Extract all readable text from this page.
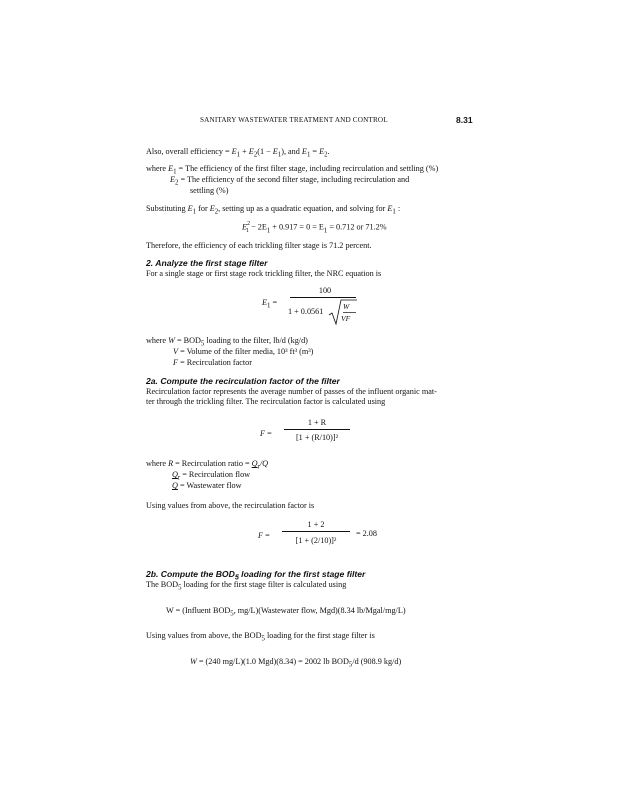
SANITARY WASTEWATER TREATMENT AND CONTROL	8.31
Also, overall efficiency = $E_1 + E_2(1 - E_1)$, and $E_1 = E_2$.
where $E_1$ = The efficiency of the first filter stage, including recirculation and settling (%)
$E_2$ = The efficiency of the second filter stage, including recirculation and
settling (%)
Substituting $E_1$ for $E_2$, setting up as a quadratic equation, and solving for $E_1$ :
$E^2_1 - 2E_1 + 0.917 = 0 = E_1 = 0.712$ or 71.2%
Therefore, the efficiency of each trickling filter stage is 71.2 percent.
2. Analyze the first stage filter
For a single stage or first stage rock trickling filter, the NRC equation is
$E_1$ =
100
1 + 0.0561
W
VF
where $W = BOD_5$ loading to the filter, lb/d (kg/d)
V = Volume of the filter media, 10³ ft³ (m³)
F = Recirculation factor
2a. Compute the recirculation factor of the filter
Recirculation factor represents the average number of passes of the influent organic mat-
ter through the trickling filter. The recirculation factor is calculated using
F =
1 + R
[1 + (R/10)]²
where R = Recirculation ratio = $Q_r/Q$
$Q_r$ = Recirculation flow
Q = Wastewater flow
Using values from above, the recirculation factor is
F =
1 + 2
[1 + (2/10)]²
= 2.08
2b. Compute the $BOD_5$ loading for the first stage filter
The $BOD_5$ loading for the first stage filter is calculated using
W = (Influent $BOD_5$, mg/L)(Wastewater flow, Mgd)(8.34 lb/Mgal/mg/L)
Using values from above, the $BOD_5$ loading for the first stage filter is
W = (240 mg/L)(1.0 Mgd)(8.34) = 2002 lb $BOD_5/d$ (908.9 kg/d)
